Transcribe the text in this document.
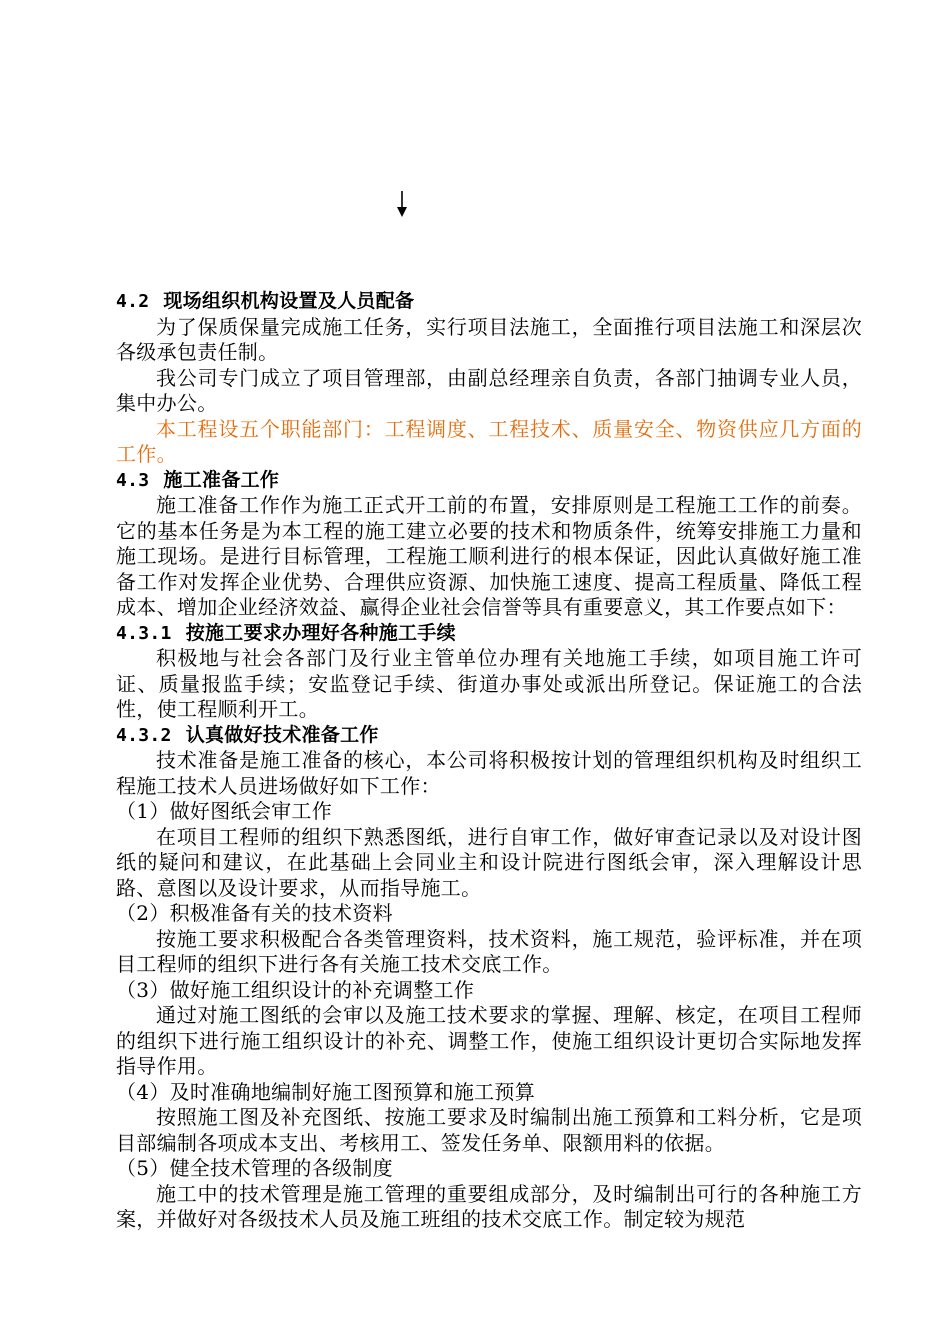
4.2 现场组织机构设置及人员配备

为了保质保量完成施工任务，实行项目法施工，全面推行项目法施工和深层次各级承包责任制。

我公司专门成立了项目管理部，由副总经理亲自负责，各部门抽调专业人员，集中办公。

本工程设五个职能部门：工程调度、工程技术、质量安全、物资供应几方面的工作。

4.3 施工准备工作

施工准备工作作为施工正式开工前的布置，安排原则是工程施工工作的前奏。它的基本任务是为本工程的施工建立必要的技术和物质条件，统筹安排施工力量和施工现场。是进行目标管理，工程施工顺利进行的根本保证，因此认真做好施工准备工作对发挥企业优势、合理供应资源、加快施工速度、提高工程质量、降低工程成本、增加企业经济效益、赢得企业社会信誉等具有重要意义，其工作要点如下：

4.3.1 按施工要求办理好各种施工手续

积极地与社会各部门及行业主管单位办理有关地施工手续，如项目施工许可证、质量报监手续；安监登记手续、街道办事处或派出所登记。保证施工的合法性，使工程顺利开工。

4.3.2 认真做好技术准备工作

技术准备是施工准备的核心，本公司将积极按计划的管理组织机构及时组织工程施工技术人员进场做好如下工作：

（1）做好图纸会审工作

在项目工程师的组织下熟悉图纸，进行自审工作，做好审查记录以及对设计图纸的疑问和建议，在此基础上会同业主和设计院进行图纸会审，深入理解设计思路、意图以及设计要求，从而指导施工。

（2）积极准备有关的技术资料

按施工要求积极配合各类管理资料，技术资料，施工规范，验评标准，并在项目工程师的组织下进行各有关施工技术交底工作。

（3）做好施工组织设计的补充调整工作

通过对施工图纸的会审以及施工技术要求的掌握、理解、核定，在项目工程师的组织下进行施工组织设计的补充、调整工作，使施工组织设计更切合实际地发挥指导作用。

（4）及时准确地编制好施工图预算和施工预算

按照施工图及补充图纸、按施工要求及时编制出施工预算和工料分析，它是项目部编制各项成本支出、考核用工、签发任务单、限额用料的依据。

（5）健全技术管理的各级制度

施工中的技术管理是施工管理的重要组成部分，及时编制出可行的各种施工方案，并做好对各级技术人员及施工班组的技术交底工作。制定较为规范
